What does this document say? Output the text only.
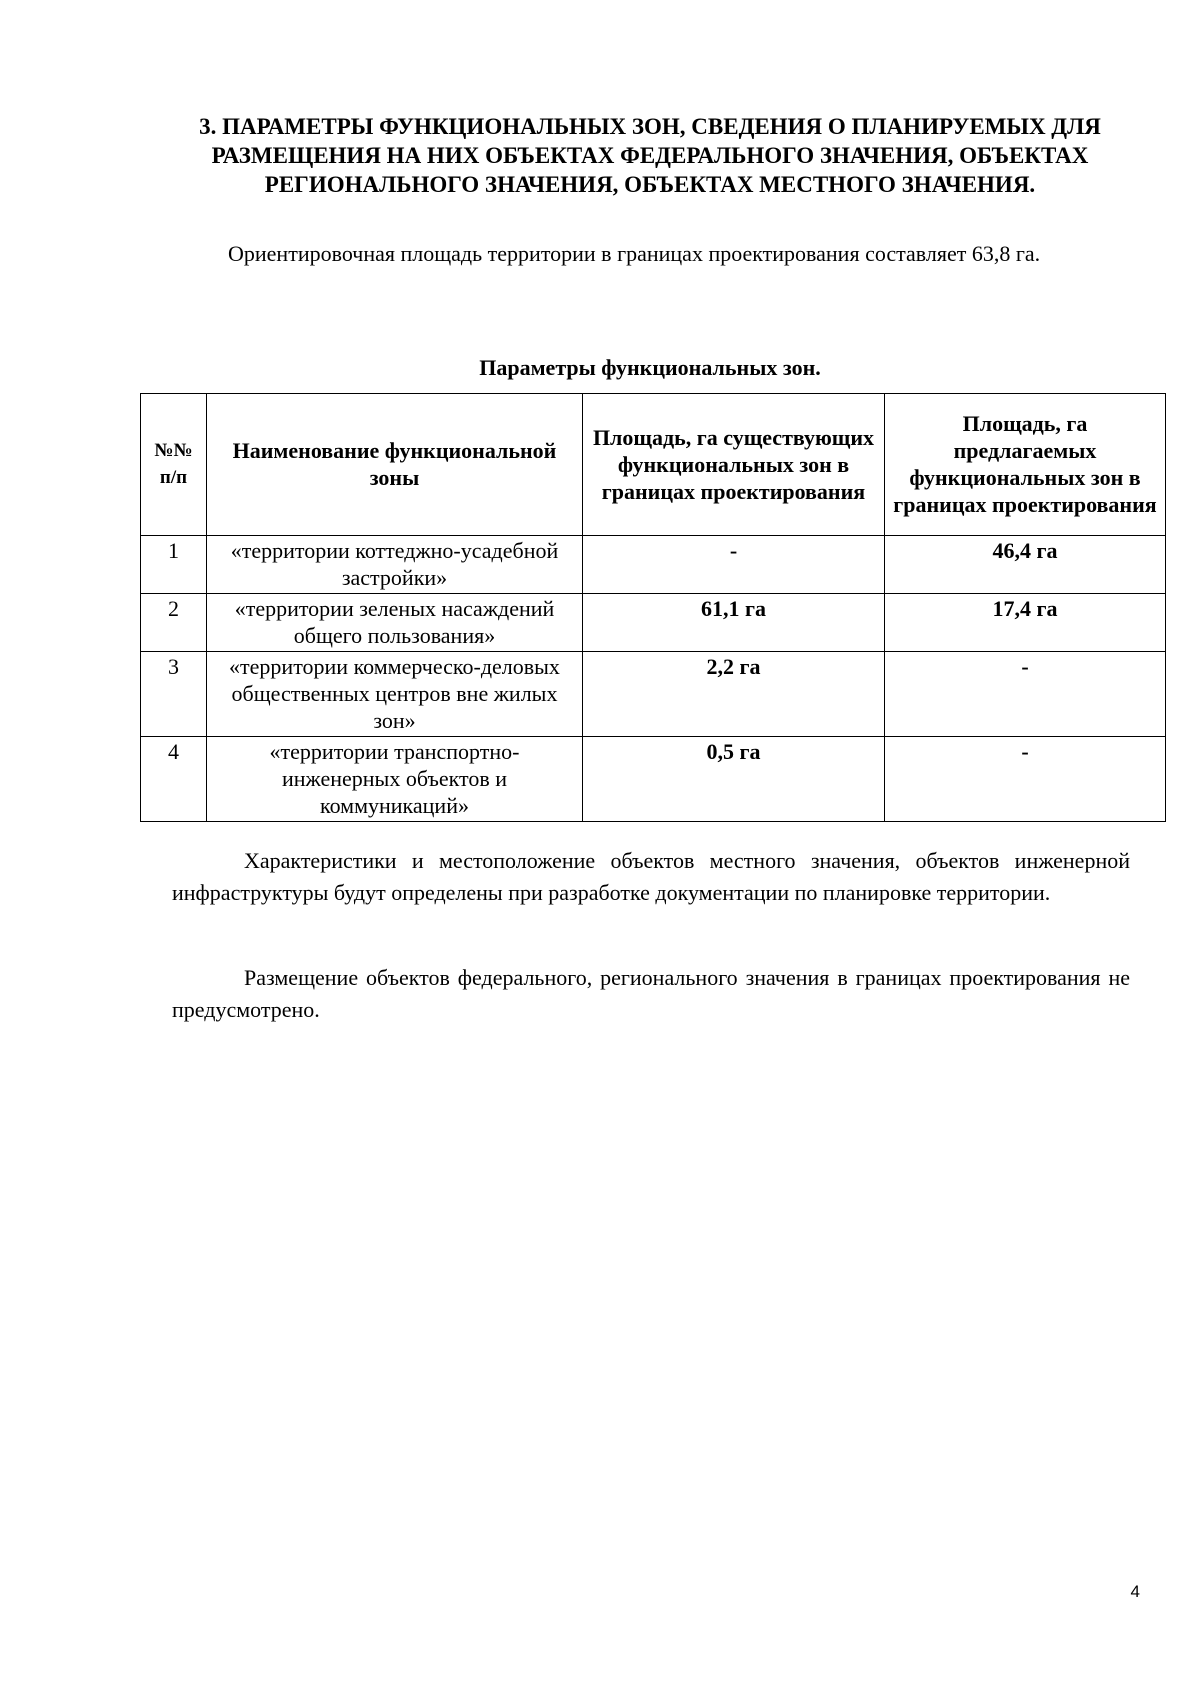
3. ПАРАМЕТРЫ ФУНКЦИОНАЛЬНЫХ ЗОН, СВЕДЕНИЯ О ПЛАНИРУЕМЫХ ДЛЯ
РАЗМЕЩЕНИЯ НА НИХ ОБЪЕКТАХ ФЕДЕРАЛЬНОГО ЗНАЧЕНИЯ, ОБЪЕКТАХ
РЕГИОНАЛЬНОГО ЗНАЧЕНИЯ, ОБЪЕКТАХ МЕСТНОГО ЗНАЧЕНИЯ.

Ориентировочная площадь территории в границах проектирования составляет 63,8 га.

Параметры функциональных зон.

№№ п/п	Наименование функциональной зоны	Площадь, га существующих функциональных зон в границах проектирования	Площадь, га предлагаемых функциональных зон в границах проектирования
1	«территории коттеджно-усадебной застройки»	-	46,4 га
2	«территории зеленых насаждений общего пользования»	61,1 га	17,4 га
3	«территории коммерческо-деловых общественных центров вне жилых зон»	2,2 га	-
4	«территории транспортно-инженерных объектов и коммуникаций»	0,5 га	-

Характеристики и местоположение объектов местного значения, объектов инженерной инфраструктуры будут определены при разработке документации по планировке территории.

Размещение объектов федерального, регионального значения в границах проектирования не предусмотрено.

4
